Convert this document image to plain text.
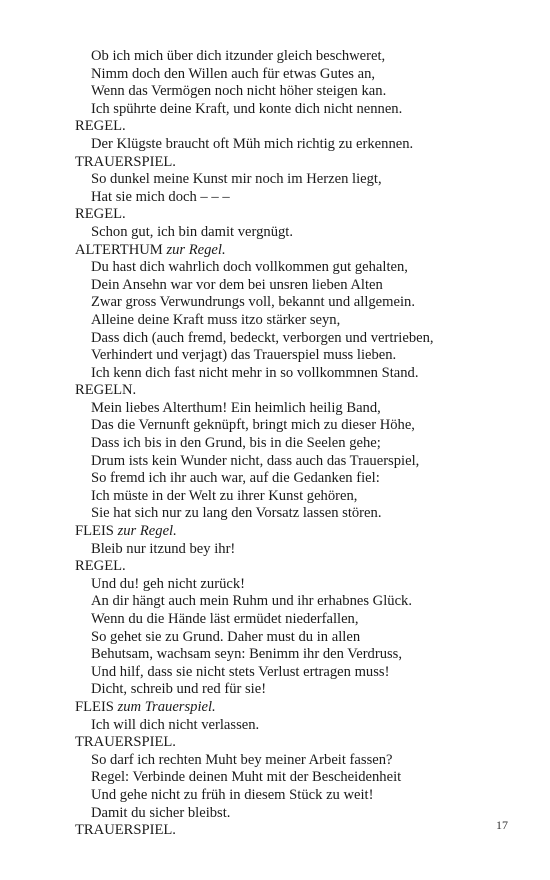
Ob ich mich über dich itzunder gleich beschweret,
Nimm doch den Willen auch für etwas Gutes an,
Wenn das Vermögen noch nicht höher steigen kan.
Ich spührte deine Kraft, und konte dich nicht nennen.
REGEL.
Der Klügste braucht oft Müh mich richtig zu erkennen.
TRAUERSPIEL.
So dunkel meine Kunst mir noch im Herzen liegt,
Hat sie mich doch – – –
REGEL.
Schon gut, ich bin damit vergnügt.
ALTERTHUM zur Regel.
Du hast dich wahrlich doch vollkommen gut gehalten,
Dein Ansehn war vor dem bei unsren lieben Alten
Zwar gross Verwundrungs voll, bekannt und allgemein.
Alleine deine Kraft muss itzo stärker seyn,
Dass dich (auch fremd, bedeckt, verborgen und vertrieben,
Verhindert und verjagt) das Trauerspiel muss lieben.
Ich kenn dich fast nicht mehr in so vollkommnen Stand.
REGELN.
Mein liebes Alterthum! Ein heimlich heilig Band,
Das die Vernunft geknüpft, bringt mich zu dieser Höhe,
Dass ich bis in den Grund, bis in die Seelen gehe;
Drum ists kein Wunder nicht, dass auch das Trauerspiel,
So fremd ich ihr auch war, auf die Gedanken fiel:
Ich müste in der Welt zu ihrer Kunst gehören,
Sie hat sich nur zu lang den Vorsatz lassen stören.
FLEIS zur Regel.
Bleib nur itzund bey ihr!
REGEL.
Und du! geh nicht zurück!
An dir hängt auch mein Ruhm und ihr erhabnes Glück.
Wenn du die Hände läst ermüdet niederfallen,
So gehet sie zu Grund. Daher must du in allen
Behutsam, wachsam seyn: Benimm ihr den Verdruss,
Und hilf, dass sie nicht stets Verlust ertragen muss!
Dicht, schreib und red für sie!
FLEIS zum Trauerspiel.
Ich will dich nicht verlassen.
TRAUERSPIEL.
So darf ich rechten Muht bey meiner Arbeit fassen?
Regel: Verbinde deinen Muht mit der Bescheidenheit
Und gehe nicht zu früh in diesem Stück zu weit!
Damit du sicher bleibst.
TRAUERSPIEL.	17
